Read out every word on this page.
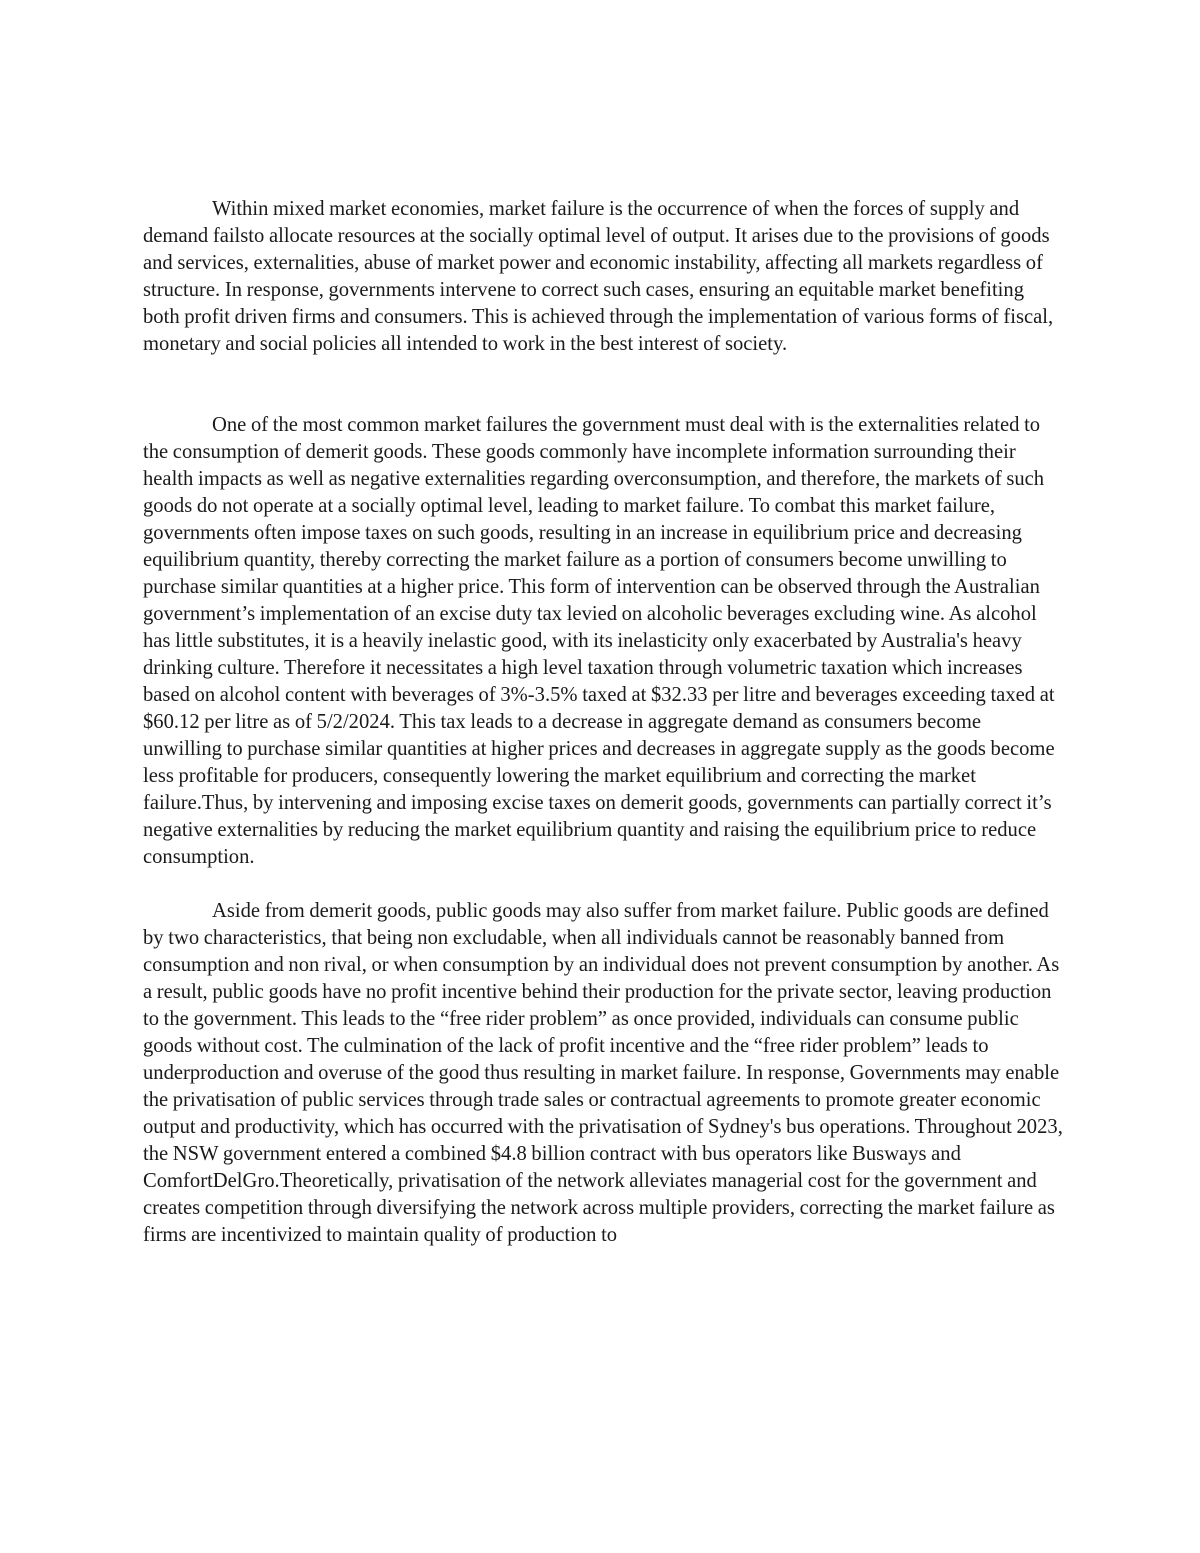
Within mixed market economies, market failure is the occurrence of when the forces of supply and demand failsto allocate resources at the socially optimal level of output. It arises due to the provisions of goods and services, externalities, abuse of market power and economic instability, affecting all markets regardless of structure. In response, governments intervene to correct such cases, ensuring an equitable market benefiting both profit driven firms and consumers. This is achieved through the implementation of various forms of fiscal, monetary and social policies all intended to work in the best interest of society.

One of the most common market failures the government must deal with is the externalities related to the consumption of demerit goods. These goods commonly have incomplete information surrounding their health impacts as well as negative externalities regarding overconsumption, and therefore, the markets of such goods do not operate at a socially optimal level, leading to market failure. To combat this market failure, governments often impose taxes on such goods, resulting in an increase in equilibrium price and decreasing equilibrium quantity, thereby correcting the market failure as a portion of consumers become unwilling to purchase similar quantities at a higher price. This form of intervention can be observed through the Australian government’s implementation of an excise duty tax levied on alcoholic beverages excluding wine. As alcohol has little substitutes, it is a heavily inelastic good, with its inelasticity only exacerbated by Australia's heavy drinking culture. Therefore it necessitates a high level taxation through volumetric taxation which increases based on alcohol content with beverages of 3%-3.5% taxed at $32.33 per litre and beverages exceeding taxed at $60.12 per litre as of 5/2/2024. This tax leads to a decrease in aggregate demand as consumers become unwilling to purchase similar quantities at higher prices and decreases in aggregate supply as the goods become less profitable for producers, consequently lowering the market equilibrium and correcting the market failure.Thus, by intervening and imposing excise taxes on demerit goods, governments can partially correct it’s negative externalities by reducing the market equilibrium quantity and raising the equilibrium price to reduce consumption.

Aside from demerit goods, public goods may also suffer from market failure. Public goods are defined by two characteristics, that being non excludable, when all individuals cannot be reasonably banned from consumption and non rival, or when consumption by an individual does not prevent consumption by another. As a result, public goods have no profit incentive behind their production for the private sector, leaving production to the government. This leads to the “free rider problem” as once provided, individuals can consume public goods without cost. The culmination of the lack of profit incentive and the “free rider problem” leads to underproduction and overuse of the good thus resulting in market failure. In response, Governments may enable the privatisation of public services through trade sales or contractual agreements to promote greater economic output and productivity, which has occurred with the privatisation of Sydney's bus operations. Throughout 2023, the NSW government entered a combined $4.8 billion contract with bus operators like Busways and ComfortDelGro.Theoretically, privatisation of the network alleviates managerial cost for the government and creates competition through diversifying the network across multiple providers, correcting the market failure as firms are incentivized to maintain quality of production to
